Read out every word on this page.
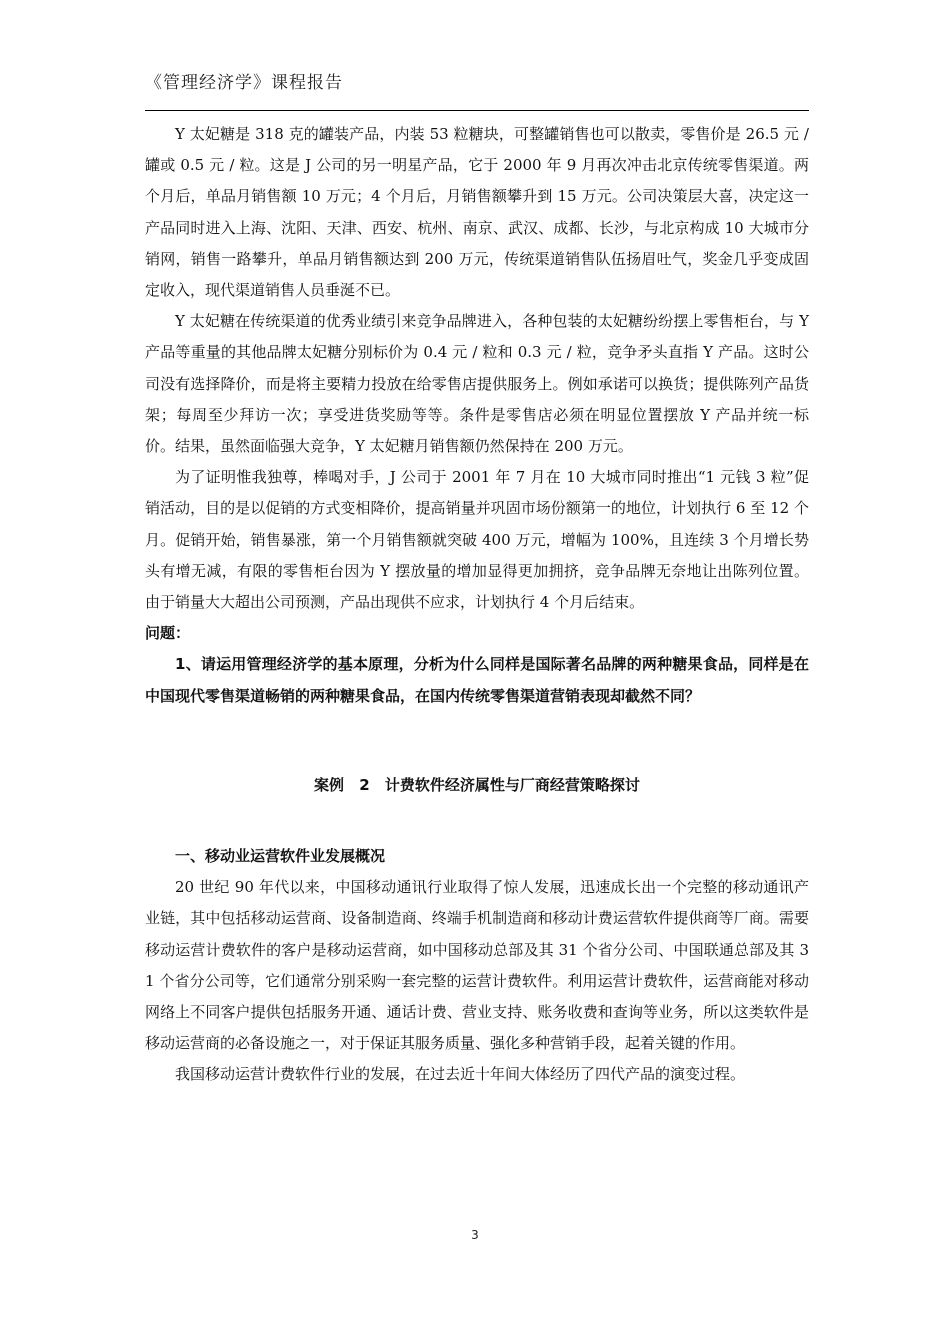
《管理经济学》课程报告

Y 太妃糖是 318 克的罐装产品，内装 53 粒糖块，可整罐销售也可以散卖，零售价是 26.5 元 / 罐或 0.5 元 / 粒。这是 J 公司的另一明星产品，它于 2000 年 9 月再次冲击北京传统零售渠道。两个月后，单品月销售额 10 万元；4 个月后，月销售额攀升到 15 万元。公司决策层大喜，决定这一产品同时进入上海、沈阳、天津、西安、杭州、南京、武汉、成都、长沙，与北京构成 10 大城市分销网，销售一路攀升，单品月销售额达到 200 万元，传统渠道销售队伍扬眉吐气，奖金几乎变成固定收入，现代渠道销售人员垂涎不已。

Y 太妃糖在传统渠道的优秀业绩引来竞争品牌进入，各种包装的太妃糖纷纷摆上零售柜台，与 Y 产品等重量的其他品牌太妃糖分别标价为 0.4 元 / 粒和 0.3 元 / 粒，竞争矛头直指 Y 产品。这时公司没有选择降价，而是将主要精力投放在给零售店提供服务上。例如承诺可以换货；提供陈列产品货架；每周至少拜访一次；享受进货奖励等等。条件是零售店必须在明显位置摆放 Y 产品并统一标价。结果，虽然面临强大竞争，Y 太妃糖月销售额仍然保持在 200 万元。

为了证明惟我独尊，棒喝对手，J 公司于 2001 年 7 月在 10 大城市同时推出“1 元钱 3 粒”促销活动，目的是以促销的方式变相降价，提高销量并巩固市场份额第一的地位，计划执行 6 至 12 个月。促销开始，销售暴涨，第一个月销售额就突破 400 万元，增幅为 100%，且连续 3 个月增长势头有增无减，有限的零售柜台因为 Y 摆放量的增加显得更加拥挤，竞争品牌无奈地让出陈列位置。由于销量大大超出公司预测，产品出现供不应求，计划执行 4 个月后结束。

问题：

1、请运用管理经济学的基本原理，分析为什么同样是国际著名品牌的两种糖果食品，同样是在中国现代零售渠道畅销的两种糖果食品，在国内传统零售渠道营销表现却截然不同？

案例 2 计费软件经济属性与厂商经营策略探讨

一、移动业运营软件业发展概况

20 世纪 90 年代以来，中国移动通讯行业取得了惊人发展，迅速成长出一个完整的移动通讯产业链，其中包括移动运营商、设备制造商、终端手机制造商和移动计费运营软件提供商等厂商。需要移动运营计费软件的客户是移动运营商，如中国移动总部及其 31 个省分公司、中国联通总部及其 31 个省分公司等，它们通常分别采购一套完整的运营计费软件。利用运营计费软件，运营商能对移动网络上不同客户提供包括服务开通、通话计费、营业支持、账务收费和查询等业务，所以这类软件是移动运营商的必备设施之一，对于保证其服务质量、强化多种营销手段，起着关键的作用。

我国移动运营计费软件行业的发展，在过去近十年间大体经历了四代产品的演变过程。

3
